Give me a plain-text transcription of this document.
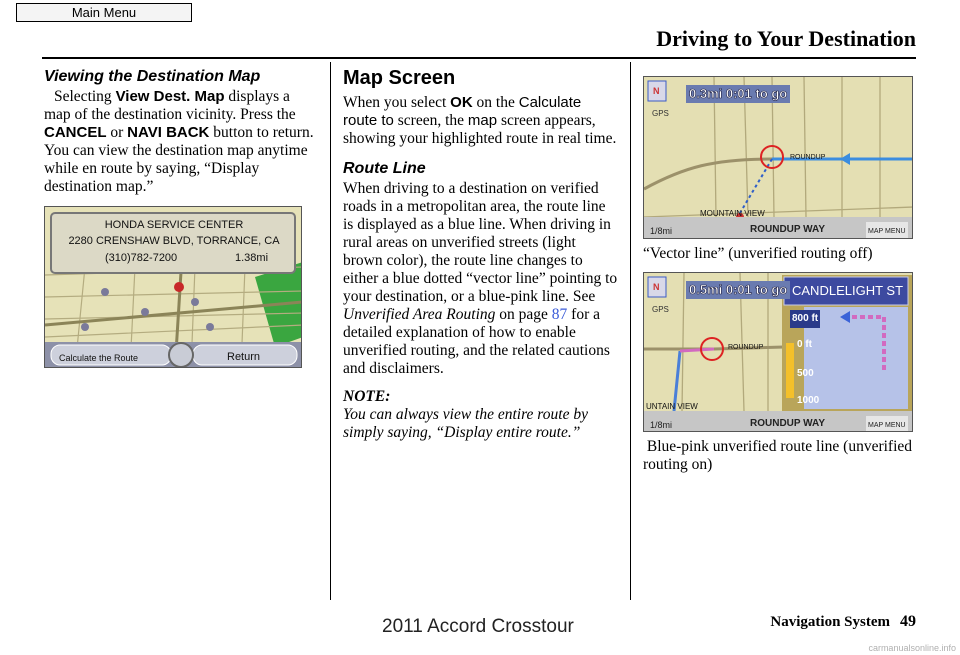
Main Menu
Driving to Your Destination
Viewing the Destination Map

Selecting View Dest. Map displays a map of the destination vicinity. Press the CANCEL or NAVI BACK button to return. You can view the destination map anytime while en route by saying, “Display destination map.”

HONDA SERVICE CENTER
2280 CRENSHAW BLVD, TORRANCE, CA
(310)782-7200	1.38mi
Calculate the Route	Return
Map Screen

When you select OK on the Calculate route to screen, the map screen appears, showing your highlighted route in real time.

Route Line

When driving to a destination on verified roads in a metropolitan area, the route line is displayed as a blue line. When driving in rural areas on unverified streets (light brown color), the route line changes to either a blue dotted “vector line” pointing to your destination, or a blue-pink line. See Unverified Area Routing on page 87 for a detailed explanation of how to enable unverified routing, and the related cautions and disclaimers.

NOTE:

You can always view the entire route by simply saying, “Display entire route.”

N
GPS
0.3mi 0:01 to go
ROUNDUP
MOUNTAIN VIEW
1/8mi	ROUNDUP WAY	MAP MENU

“Vector line” (unverified routing off)

N
GPS
0.5mi 0:01 to go CANDLELIGHT ST
800 ft
0 ft
500
1000
ROUNDUP
UNTAIN VIEW
1/8mi	ROUNDUP WAY	MAP MENU

Blue-pink unverified route line (unverified routing on)

Navigation System 49
2011 Accord Crosstour
carmanualsonline.info
